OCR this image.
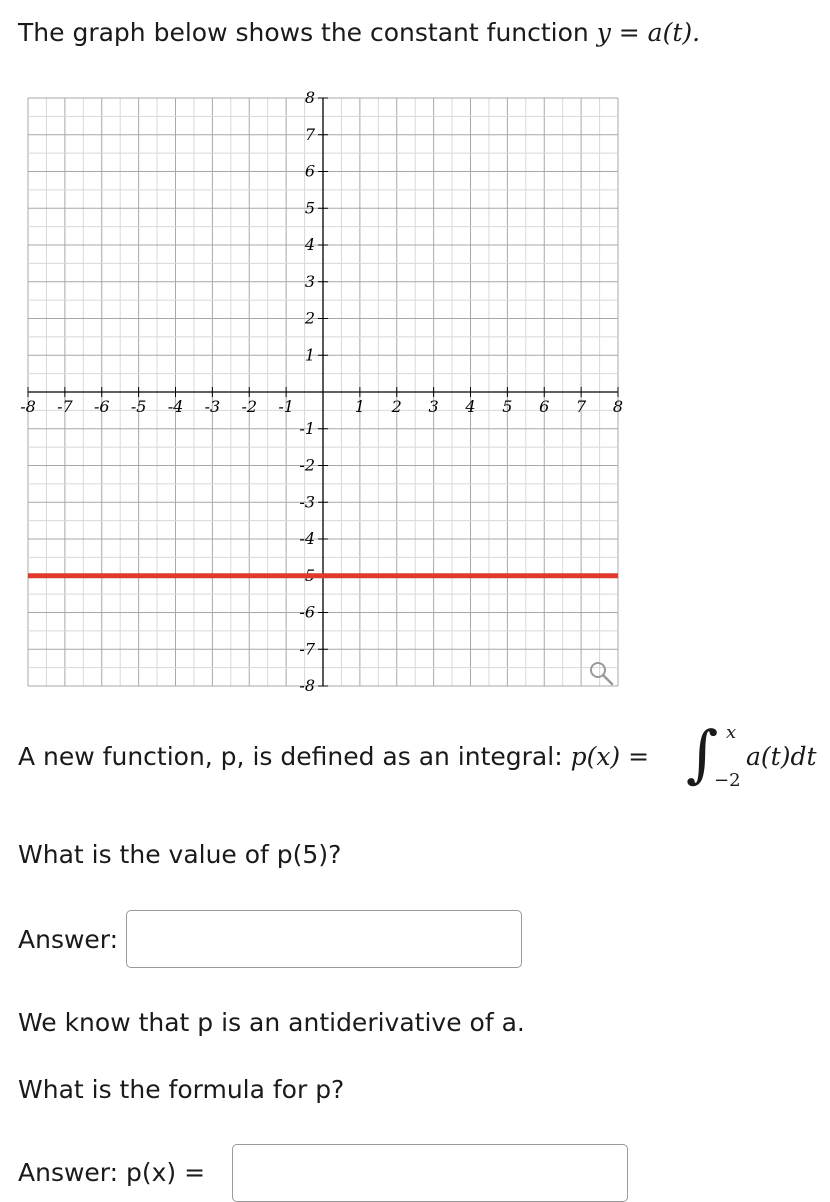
The graph below shows the constant function y = a(t).
-8 -7 -6 -5 -4 -3 -2 -1	1 2 3 4 5 6 7 8
8
7
6
5
4
3
2
1
-1
-2
-3
-4
-5
-6
-7
-8
A new function, p, is defined as an integral: p(x) = ∫ x
−2
a(t)dt
What is the value of p(5)?
Answer:
We know that p is an antiderivative of a.
What is the formula for p?
Answer: p(x) =
